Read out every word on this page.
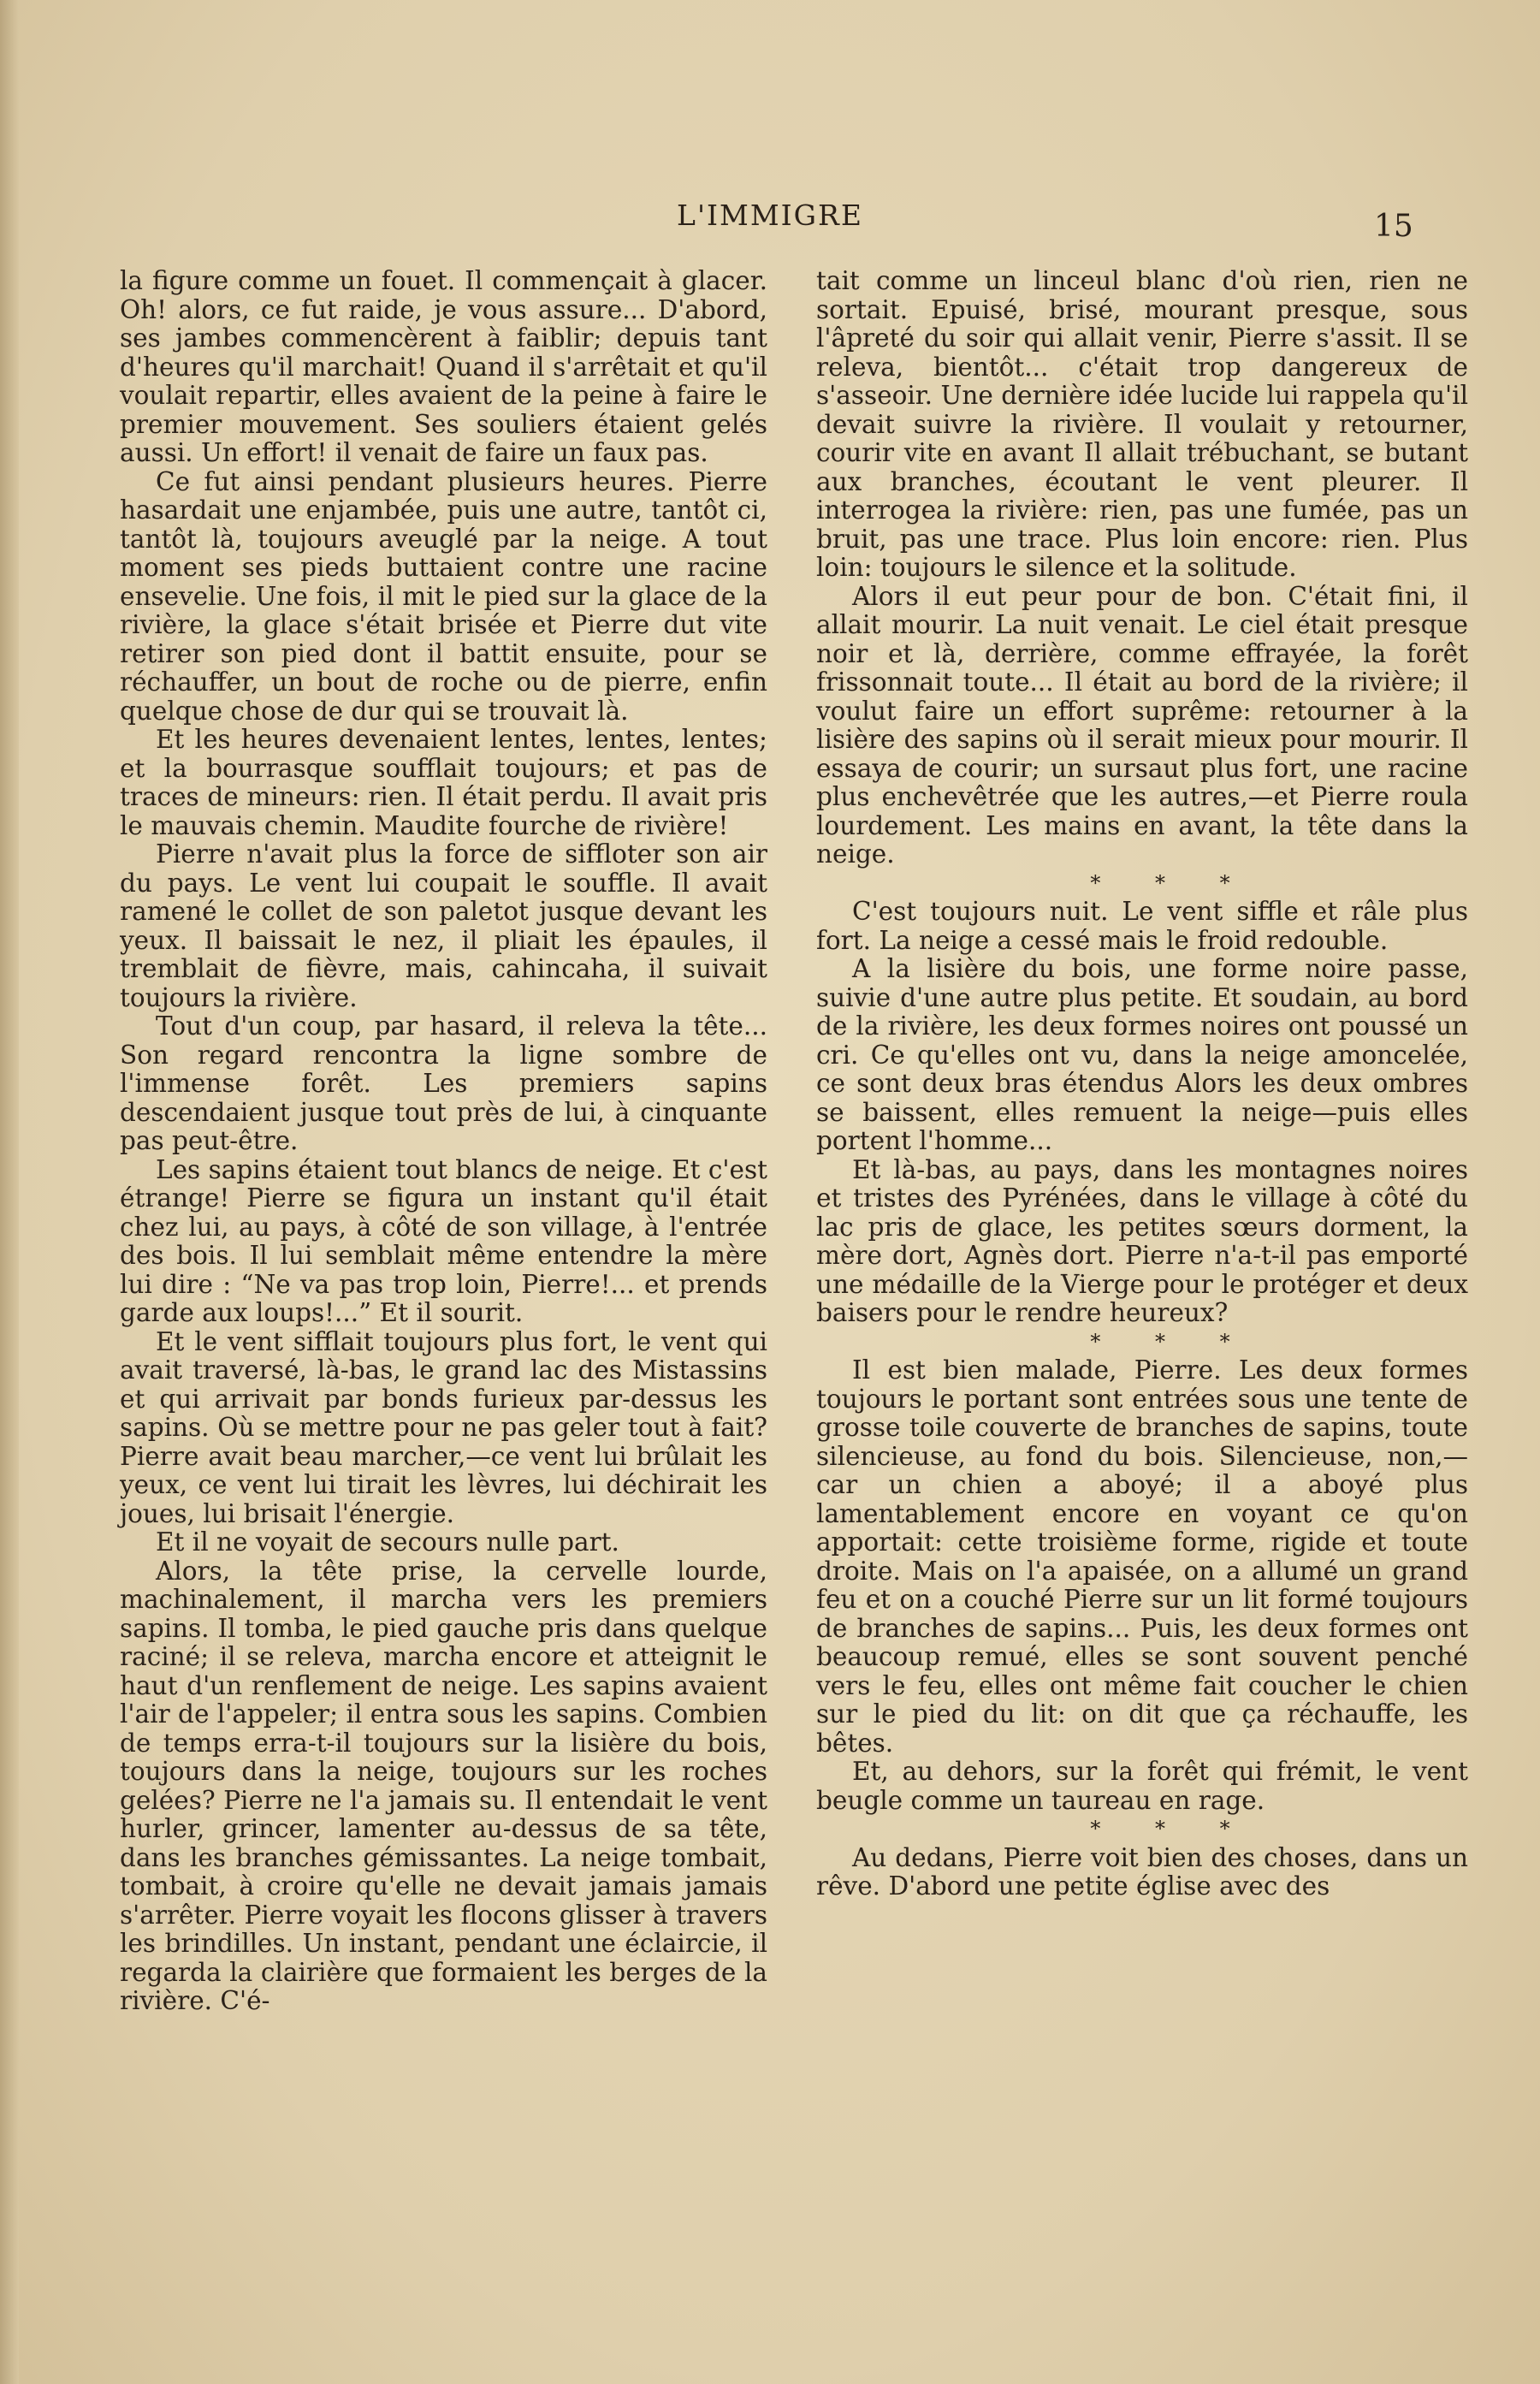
L'IMMIGRE	15

la figure comme un fouet. Il commençait à glacer. Oh! alors, ce fut raide, je vous assure... D'abord, ses jambes commencèrent à faiblir; depuis tant d'heures qu'il marchait! Quand il s'arrêtait et qu'il voulait repartir, elles avaient de la peine à faire le premier mouvement. Ses souliers étaient gelés aussi. Un effort! il venait de faire un faux pas.

Ce fut ainsi pendant plusieurs heures. Pierre hasardait une enjambée, puis une autre, tantôt ci, tantôt là, toujours aveuglé par la neige. A tout moment ses pieds buttaient contre une racine ensevelie. Une fois, il mit le pied sur la glace de la rivière, la glace s'était brisée et Pierre dut vite retirer son pied dont il battit ensuite, pour se réchauffer, un bout de roche ou de pierre, enfin quelque chose de dur qui se trouvait là.

Et les heures devenaient lentes, lentes, lentes; et la bourrasque soufflait toujours; et pas de traces de mineurs: rien. Il était perdu. Il avait pris le mauvais chemin. Maudite fourche de rivière!

Pierre n'avait plus la force de siffloter son air du pays. Le vent lui coupait le souffle. Il avait ramené le collet de son paletot jusque devant les yeux. Il baissait le nez, il pliait les épaules, il tremblait de fièvre, mais, cahincaha, il suivait toujours la rivière.

Tout d'un coup, par hasard, il releva la tête... Son regard rencontra la ligne sombre de l'immense forêt. Les premiers sapins descendaient jusque tout près de lui, à cinquante pas peut-être.

Les sapins étaient tout blancs de neige. Et c'est étrange! Pierre se figura un instant qu'il était chez lui, au pays, à côté de son village, à l'entrée des bois. Il lui semblait même entendre la mère lui dire : “Ne va pas trop loin, Pierre!... et prends garde aux loups!...” Et il sourit.

Et le vent sifflait toujours plus fort, le vent qui avait traversé, là-bas, le grand lac des Mistassins et qui arrivait par bonds furieux par-dessus les sapins. Où se mettre pour ne pas geler tout à fait? Pierre avait beau marcher,—ce vent lui brûlait les yeux, ce vent lui tirait les lèvres, lui déchirait les joues, lui brisait l'énergie.

Et il ne voyait de secours nulle part.

Alors, la tête prise, la cervelle lourde, machinalement, il marcha vers les premiers sapins. Il tomba, le pied gauche pris dans quelque raciné; il se releva, marcha encore et atteignit le haut d'un renflement de neige. Les sapins avaient l'air de l'appeler; il entra sous les sapins. Combien de temps erra-t-il toujours sur la lisière du bois, toujours dans la neige, toujours sur les roches gelées? Pierre ne l'a jamais su. Il entendait le vent hurler, grincer, lamenter au-dessus de sa tête, dans les branches gémissantes. La neige tombait, tombait, à croire qu'elle ne devait jamais jamais s'arrêter. Pierre voyait les flocons glisser à travers les brindilles. Un instant, pendant une éclaircie, il regarda la clairière que formaient les berges de la rivière. C'é-

tait comme un linceul blanc d'où rien, rien ne sortait. Epuisé, brisé, mourant presque, sous l'âpreté du soir qui allait venir, Pierre s'assit. Il se releva, bientôt... c'était trop dangereux de s'asseoir. Une dernière idée lucide lui rappela qu'il devait suivre la rivière. Il voulait y retourner, courir vite en avant Il allait trébuchant, se butant aux branches, écoutant le vent pleurer. Il interrogea la rivière: rien, pas une fumée, pas un bruit, pas une trace. Plus loin encore: rien. Plus loin: toujours le silence et la solitude.

Alors il eut peur pour de bon. C'était fini, il allait mourir. La nuit venait. Le ciel était presque noir et là, derrière, comme effrayée, la forêt frissonnait toute... Il était au bord de la rivière; il voulut faire un effort suprême: retourner à la lisière des sapins où il serait mieux pour mourir. Il essaya de courir; un sursaut plus fort, une racine plus enchevêtrée que les autres,—et Pierre roula lourdement. Les mains en avant, la tête dans la neige.

* * *

C'est toujours nuit. Le vent siffle et râle plus fort. La neige a cessé mais le froid redouble.

A la lisière du bois, une forme noire passe, suivie d'une autre plus petite. Et soudain, au bord de la rivière, les deux formes noires ont poussé un cri. Ce qu'elles ont vu, dans la neige amoncelée, ce sont deux bras étendus Alors les deux ombres se baissent, elles remuent la neige—puis elles portent l'homme...

Et là-bas, au pays, dans les montagnes noires et tristes des Pyrénées, dans le village à côté du lac pris de glace, les petites sœurs dorment, la mère dort, Agnès dort. Pierre n'a-t-il pas emporté une médaille de la Vierge pour le protéger et deux baisers pour le rendre heureux?

* * *

Il est bien malade, Pierre. Les deux formes toujours le portant sont entrées sous une tente de grosse toile couverte de branches de sapins, toute silencieuse, au fond du bois. Silencieuse, non,—car un chien a aboyé; il a aboyé plus lamentablement encore en voyant ce qu'on apportait: cette troisième forme, rigide et toute droite. Mais on l'a apaisée, on a allumé un grand feu et on a couché Pierre sur un lit formé toujours de branches de sapins... Puis, les deux formes ont beaucoup remué, elles se sont souvent penché vers le feu, elles ont même fait coucher le chien sur le pied du lit: on dit que ça réchauffe, les bêtes.

Et, au dehors, sur la forêt qui frémit, le vent beugle comme un taureau en rage.

* * *

Au dedans, Pierre voit bien des choses, dans un rêve. D'abord une petite église avec des
